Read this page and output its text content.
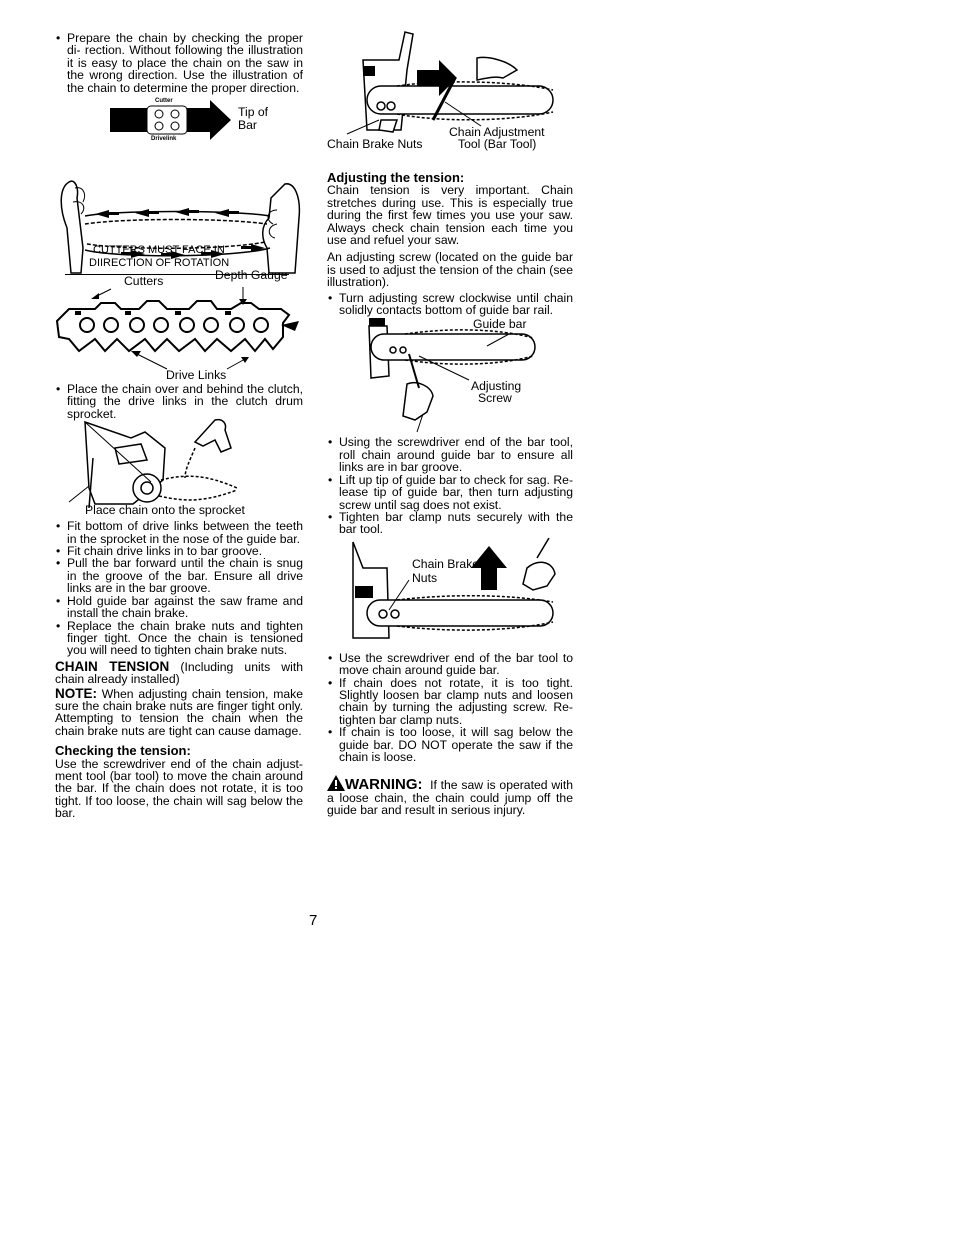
• Prepare the chain by checking the proper di- rection. Without following the illustration it is easy to place the chain on the saw in the wrong direction. Use the illustration of the chain to determine the proper direction.

Cutter
Drivelink
Tip of
Bar
CUTTERS MUST FACE IN
DIIRECTION OF ROTATION
Cutters	Depth Gauge
Drive Links

• Place the chain over and behind the clutch, fitting the drive links in the clutch drum sprocket.

Place chain onto the sprocket

• Fit bottom of drive links between the teeth in the sprocket in the nose of the guide bar.

• Fit chain drive links in to bar groove.

• Pull the bar forward until the chain is snug in the groove of the bar. Ensure all drive links are in the bar groove.

• Hold guide bar against the saw frame and install the chain brake.

• Replace the chain brake nuts and tighten finger tight. Once the chain is tensioned you will need to tighten chain brake nuts.

CHAIN TENSION (Including units with chain already installed)

NOTE: When adjusting chain tension, make sure the chain brake nuts are finger tight only. Attempting to tension the chain when the chain brake nuts are tight can cause damage.

Checking the tension:

Use the screwdriver end of the chain adjust- ment tool (bar tool) to move the chain around the bar. If the chain does not rotate, it is too tight. If too loose, the chain will sag below the bar.

Chain Brake Nuts
Chain Adjustment
Tool (Bar Tool)

Adjusting the tension:

Chain tension is very important. Chain stretches during use. This is especially true during the first few times you use your saw. Always check chain tension each time you use and refuel your saw.

An adjusting screw (located on the guide bar is used to adjust the tension of the chain (see illustration).

• Turn adjusting screw clockwise until chain solidly contacts bottom of guide bar rail.

Guide bar
Adjusting
Screw

• Using the screwdriver end of the bar tool, roll chain around guide bar to ensure all links are in bar groove.

• Lift up tip of guide bar to check for sag. Re- lease tip of guide bar, then turn adjusting screw until sag does not exist.

• Tighten bar clamp nuts securely with the bar tool.

Chain Brake
Nuts

• Use the screwdriver end of the bar tool to move chain around guide bar.

• If chain does not rotate, it is too tight. Slightly loosen bar clamp nuts and loosen chain by turning the adjusting screw. Re- tighten bar clamp nuts.

• If chain is too loose, it will sag below the guide bar. DO NOT operate the saw if the chain is loose.

WARNING: If the saw is operated with a loose chain, the chain could jump off the guide bar and result in serious injury.

7
